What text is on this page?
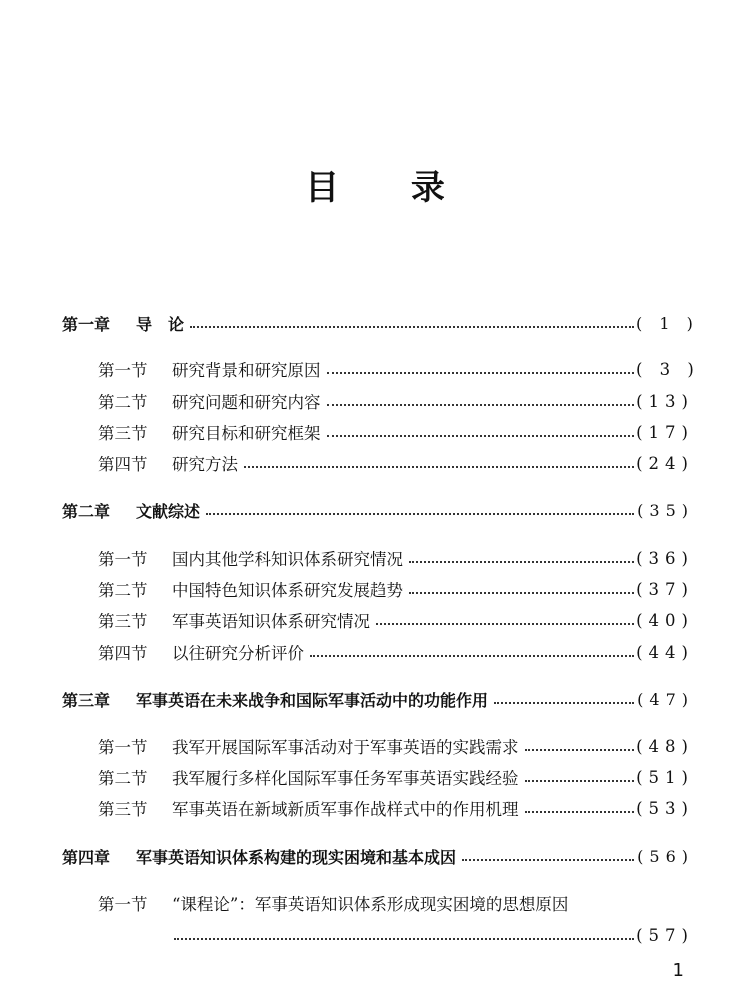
目 录
第一章	导　论	( 1 )
第一节	研究背景和研究原因	( 3 )
第二节	研究问题和研究内容	(13)
第三节	研究目标和研究框架	(17)
第四节	研究方法	(24)
第二章	文献综述	(35)
第一节	国内其他学科知识体系研究情况	(36)
第二节	中国特色知识体系研究发展趋势	(37)
第三节	军事英语知识体系研究情况	(40)
第四节	以往研究分析评价	(44)
第三章	军事英语在未来战争和国际军事活动中的功能作用	(47)
第一节	我军开展国际军事活动对于军事英语的实践需求	(48)
第二节	我军履行多样化国际军事任务军事英语实践经验	(51)
第三节	军事英语在新域新质军事作战样式中的作用机理	(53)
第四章	军事英语知识体系构建的现实困境和基本成因	(56)
第一节	“课程论”：军事英语知识体系形成现实困境的思想原因
(57)
1
